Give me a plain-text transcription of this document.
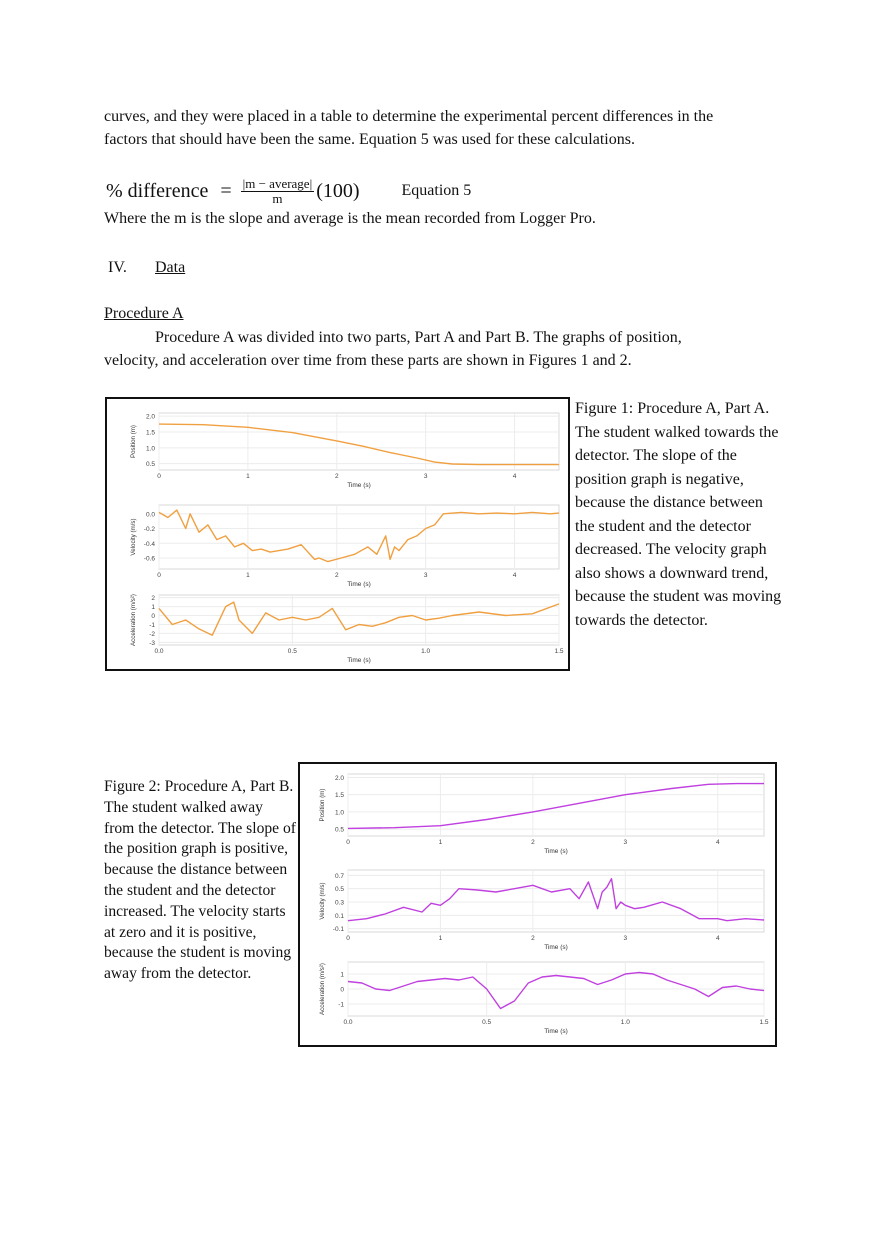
curves, and they were placed in a table to determine the experimental percent differences in the
factors that should have been the same. Equation 5 was used for these calculations.
% difference = $\frac{\text{|m − average|}}{m} (100)$	Equation 5
Where the m is the slope and average is the mean recorded from Logger Pro.
IV. Data
Procedure A
Procedure A was divided into two parts, Part A and Part B. The graphs of position,
velocity, and acceleration over time from these parts are shown in Figures 1 and 2.
0.5
1.0
1.5
2.0
0	1	2	3	4
Time (s)
Position (m)
0.0
-0.2
-0.4
-0.6
0	1	2	3	4
Time (s)
Velocity (m/s)
2
1
0
-1
-2
-3
0.0	0.5	1.0	1.5
Time (s)
Acceleration (m/s²)
Figure 1: Procedure A, Part A. The student walked towards the detector. The slope of the position graph is negative, because the distance between the student and the detector decreased. The velocity graph also shows a downward trend, because the student was moving towards the detector.
Figure 2: Procedure A, Part B. The student walked away from the detector. The slope of the position graph is positive, because the distance between the student and the detector increased. The velocity starts at zero and it is positive, because the student is moving away from the detector.
0.5
1.0
1.5
2.0
0	1	2	3	4
Time (s)
Position (m)
0.7
0.5
0.3
0.1
-0.1
0	1	2	3	4
Time (s)
Velocity (m/s)
1
0
-1
0.0	0.5	1.0	1.5
Time (s)
Acceleration (m/s²)
